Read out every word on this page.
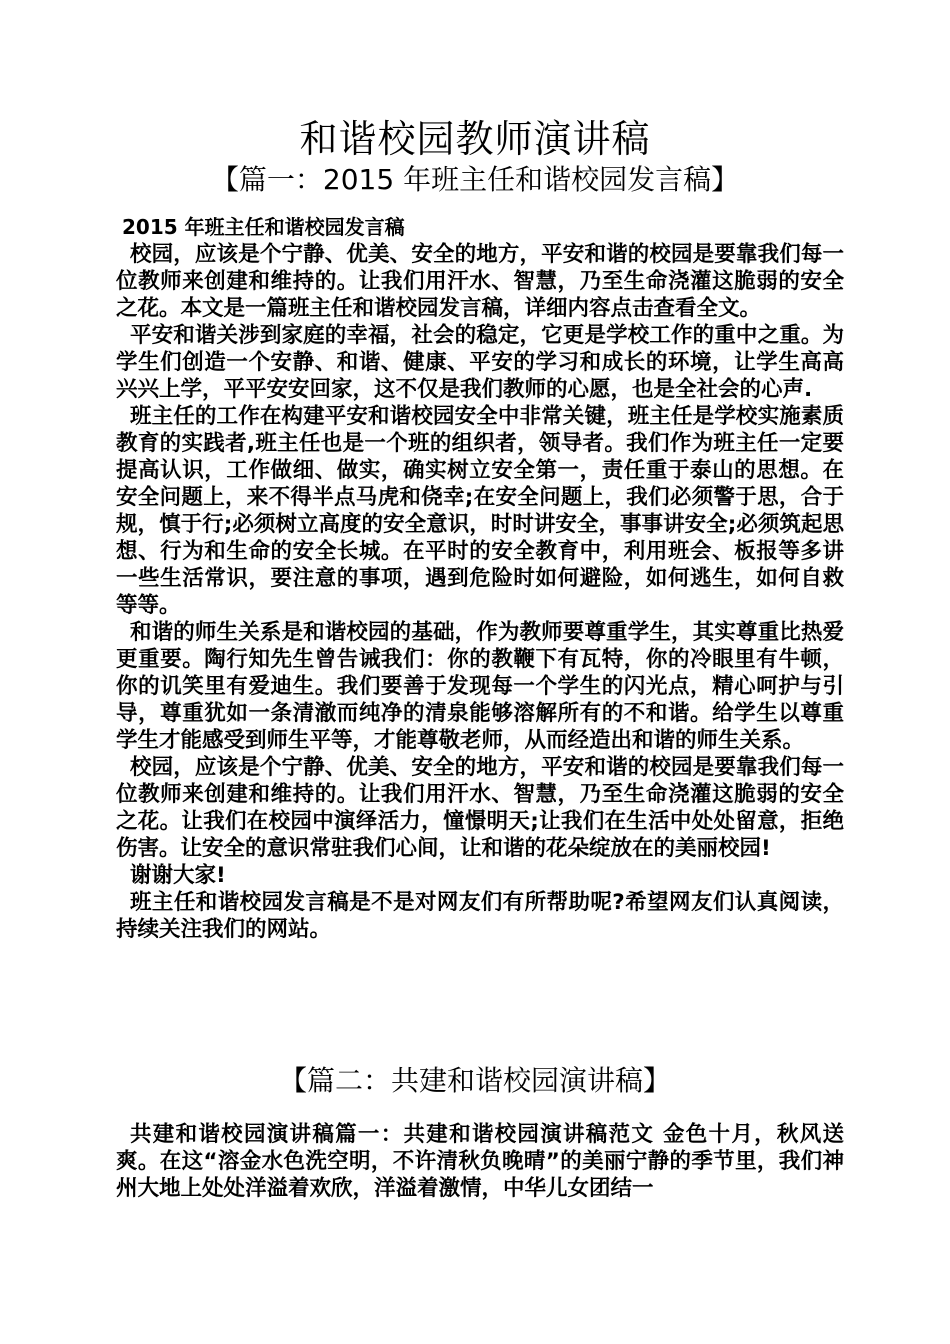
和谐校园教师演讲稿
【篇一：2015 年班主任和谐校园发言稿】

2015 年班主任和谐校园发言稿

校园，应该是个宁静、优美、安全的地方，平安和谐的校园是要靠我们每一位教师来创建和维持的。让我们用汗水、智慧，乃至生命浇灌这脆弱的安全之花。本文是一篇班主任和谐校园发言稿，详细内容点击查看全文。

平安和谐关涉到家庭的幸福，社会的稳定，它更是学校工作的重中之重。为学生们创造一个安静、和谐、健康、平安的学习和成长的环境，让学生高高兴兴上学，平平安安回家，这不仅是我们教师的心愿，也是全社会的心声.

班主任的工作在构建平安和谐校园安全中非常关键，班主任是学校实施素质教育的实践者,班主任也是一个班的组织者，领导者。我们作为班主任一定要提高认识，工作做细、做实，确实树立安全第一，责任重于泰山的思想。在安全问题上，来不得半点马虎和侥幸;在安全问题上，我们必须警于思，合于规，慎于行;必须树立高度的安全意识，时时讲安全，事事讲安全;必须筑起思想、行为和生命的安全长城。在平时的安全教育中，利用班会、板报等多讲一些生活常识，要注意的事项，遇到危险时如何避险，如何逃生，如何自救等等。

和谐的师生关系是和谐校园的基础，作为教师要尊重学生，其实尊重比热爱更重要。陶行知先生曾告诫我们：你的教鞭下有瓦特，你的冷眼里有牛顿，你的讥笑里有爱迪生。我们要善于发现每一个学生的闪光点，精心呵护与引导，尊重犹如一条清澈而纯净的清泉能够溶解所有的不和谐。给学生以尊重学生才能感受到师生平等，才能尊敬老师，从而经造出和谐的师生关系。

校园，应该是个宁静、优美、安全的地方，平安和谐的校园是要靠我们每一位教师来创建和维持的。让我们用汗水、智慧，乃至生命浇灌这脆弱的安全之花。让我们在校园中演绎活力，憧憬明天;让我们在生活中处处留意，拒绝伤害。让安全的意识常驻我们心间，让和谐的花朵绽放在的美丽校园!

谢谢大家!

班主任和谐校园发言稿是不是对网友们有所帮助呢?希望网友们认真阅读，持续关注我们的网站。

【篇二：共建和谐校园演讲稿】

共建和谐校园演讲稿篇一：共建和谐校园演讲稿范文 金色十月，秋风送爽。在这“溶金水色洗空明，不许清秋负晚晴”的美丽宁静的季节里，我们神州大地上处处洋溢着欢欣，洋溢着激情，中华儿女团结一
